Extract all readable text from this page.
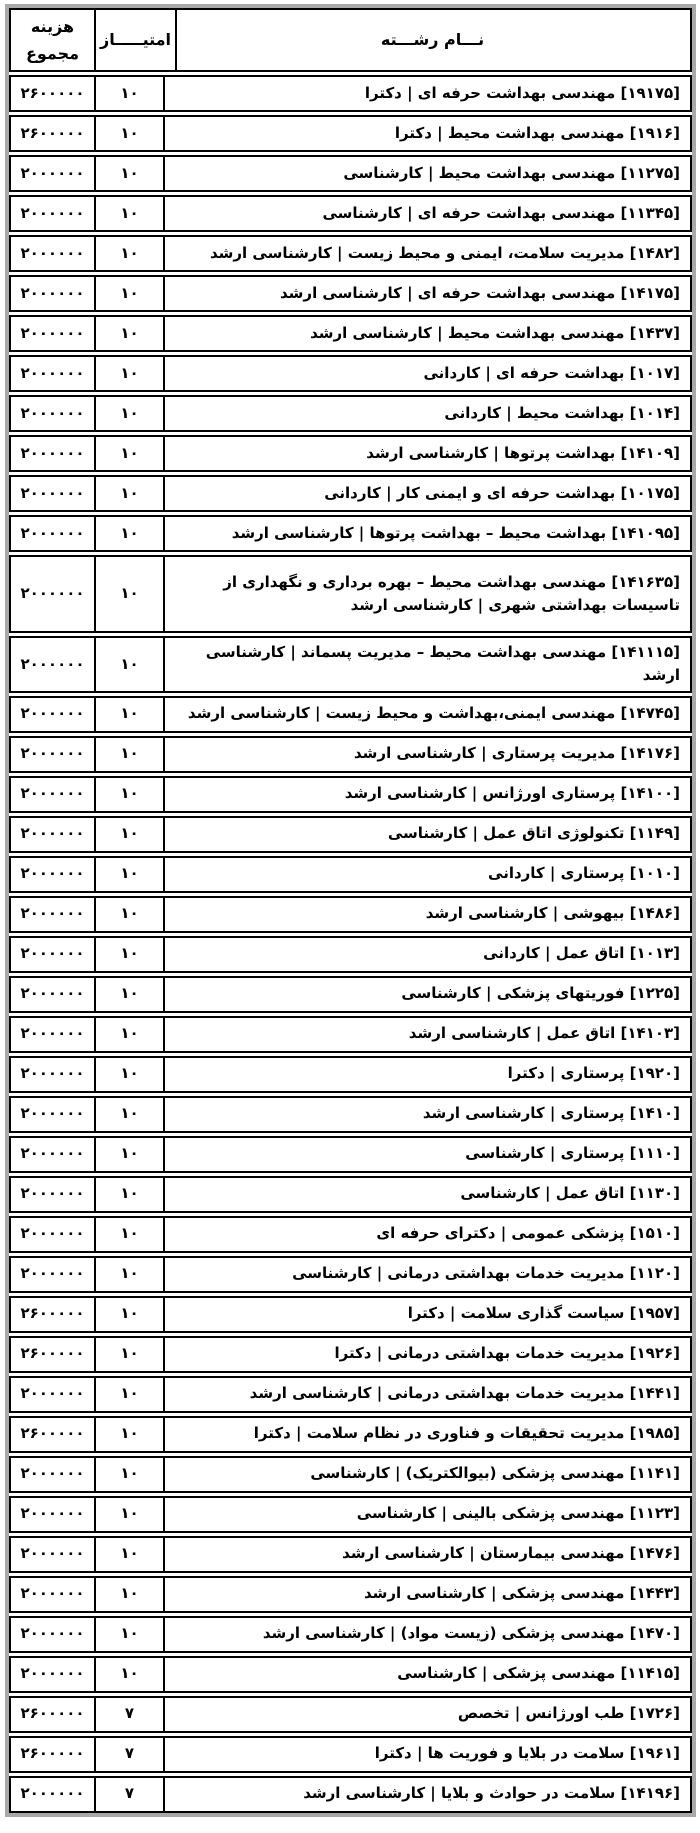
نـــام رشـــته
امتیـــــاز
هزینه مجموع
[۱۹۱۷۵] مهندسی بهداشت حرفه ای | دکترا
۱۰
۲۶۰۰۰۰۰
[۱۹۱۶] مهندسی بهداشت محیط | دکترا
۱۰
۲۶۰۰۰۰۰
[۱۱۲۷۵] مهندسی بهداشت محیط | کارشناسی
۱۰
۲۰۰۰۰۰۰
[۱۱۳۴۵] مهندسی بهداشت حرفه ای | کارشناسی
۱۰
۲۰۰۰۰۰۰
[۱۴۸۲] مدیریت سلامت، ایمنی و محیط زیست | کارشناسی ارشد
۱۰
۲۰۰۰۰۰۰
[۱۴۱۷۵] مهندسی بهداشت حرفه ای | کارشناسی ارشد
۱۰
۲۰۰۰۰۰۰
[۱۴۳۷] مهندسی بهداشت محیط | کارشناسی ارشد
۱۰
۲۰۰۰۰۰۰
[۱۰۱۷] بهداشت حرفه ای | کاردانی
۱۰
۲۰۰۰۰۰۰
[۱۰۱۴] بهداشت محیط | کاردانی
۱۰
۲۰۰۰۰۰۰
[۱۴۱۰۹] بهداشت پرتوها | کارشناسی ارشد
۱۰
۲۰۰۰۰۰۰
[۱۰۱۷۵] بهداشت حرفه ای و ایمنی کار | کاردانی
۱۰
۲۰۰۰۰۰۰
[۱۴۱۰۹۵] بهداشت محیط – بهداشت پرتوها | کارشناسی ارشد
۱۰
۲۰۰۰۰۰۰
[۱۴۱۶۳۵] مهندسی بهداشت محیط – بهره برداری و نگهداری از تاسیسات بهداشتی شهری | کارشناسی ارشد
۱۰
۲۰۰۰۰۰۰
[۱۴۱۱۱۵] مهندسی بهداشت محیط – مدیریت پسماند | کارشناسی ارشد
۱۰
۲۰۰۰۰۰۰
[۱۴۷۴۵] مهندسی ایمنی،بهداشت و محیط زیست | کارشناسی ارشد
۱۰
۲۰۰۰۰۰۰
[۱۴۱۷۶] مدیریت پرستاری | کارشناسی ارشد
۱۰
۲۰۰۰۰۰۰
[۱۴۱۰۰] پرستاری اورژانس | کارشناسی ارشد
۱۰
۲۰۰۰۰۰۰
[۱۱۴۹] تکنولوژی اتاق عمل | کارشناسی
۱۰
۲۰۰۰۰۰۰
[۱۰۱۰] پرستاری | کاردانی
۱۰
۲۰۰۰۰۰۰
[۱۴۸۶] بیهوشی | کارشناسی ارشد
۱۰
۲۰۰۰۰۰۰
[۱۰۱۳] اتاق عمل | کاردانی
۱۰
۲۰۰۰۰۰۰
[۱۲۲۵] فوریتهای پزشکی | کارشناسی
۱۰
۲۰۰۰۰۰۰
[۱۴۱۰۳] اتاق عمل | کارشناسی ارشد
۱۰
۲۰۰۰۰۰۰
[۱۹۲۰] پرستاری | دکترا
۱۰
۲۰۰۰۰۰۰
[۱۴۱۰] پرستاری | کارشناسی ارشد
۱۰
۲۰۰۰۰۰۰
[۱۱۱۰] پرستاری | کارشناسی
۱۰
۲۰۰۰۰۰۰
[۱۱۳۰] اتاق عمل | کارشناسی
۱۰
۲۰۰۰۰۰۰
[۱۵۱۰] پزشکی عمومی | دکترای حرفه ای
۱۰
۲۰۰۰۰۰۰
[۱۱۲۰] مدیریت خدمات بهداشتی درمانی | کارشناسی
۱۰
۲۰۰۰۰۰۰
[۱۹۵۷] سیاست گذاری سلامت | دکترا
۱۰
۲۶۰۰۰۰۰
[۱۹۲۶] مدیریت خدمات بهداشتی درمانی | دکترا
۱۰
۲۶۰۰۰۰۰
[۱۴۴۱] مدیریت خدمات بهداشتی درمانی | کارشناسی ارشد
۱۰
۲۰۰۰۰۰۰
[۱۹۸۵] مدیریت تحقیقات و فناوری در نظام سلامت | دکترا
۱۰
۲۶۰۰۰۰۰
[۱۱۴۱] مهندسی پزشکی (بیوالکتریک) | کارشناسی
۱۰
۲۰۰۰۰۰۰
[۱۱۲۳] مهندسی پزشکی بالینی | کارشناسی
۱۰
۲۰۰۰۰۰۰
[۱۴۷۶] مهندسی بیمارستان | کارشناسی ارشد
۱۰
۲۰۰۰۰۰۰
[۱۴۴۳] مهندسی پزشکی | کارشناسی ارشد
۱۰
۲۰۰۰۰۰۰
[۱۴۷۰] مهندسی پزشکی (زیست مواد) | کارشناسی ارشد
۱۰
۲۰۰۰۰۰۰
[۱۱۴۱۵] مهندسی پزشکی | کارشناسی
۱۰
۲۰۰۰۰۰۰
[۱۷۲۶] طب اورژانس | تخصص
۷
۲۶۰۰۰۰۰
[۱۹۶۱] سلامت در بلایا و فوریت ها | دکترا
۷
۲۶۰۰۰۰۰
[۱۴۱۹۶] سلامت در حوادث و بلایا | کارشناسی ارشد
۷
۲۰۰۰۰۰۰
